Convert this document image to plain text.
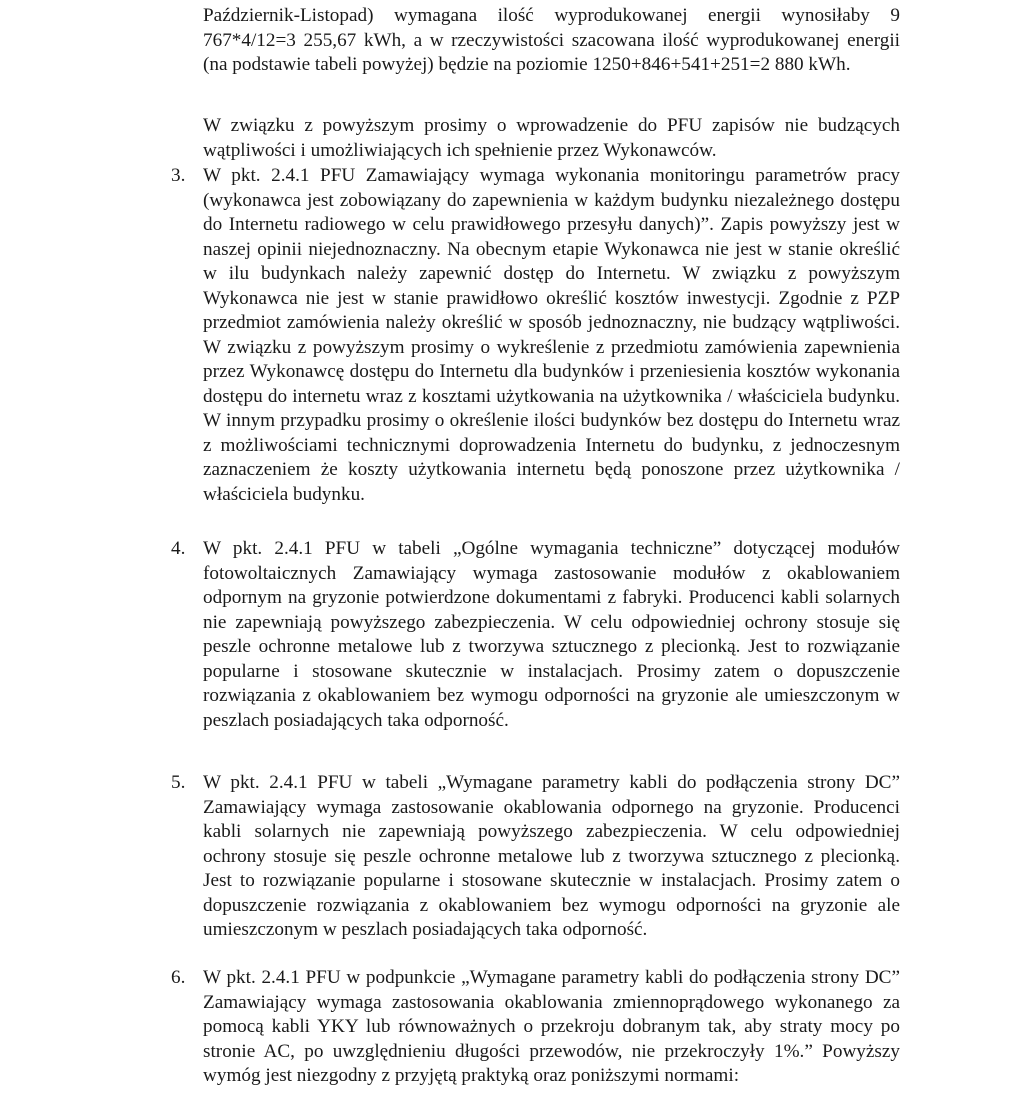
Październik-Listopad) wymagana ilość wyprodukowanej energii wynosiłaby 9 767*4/12=3 255,67 kWh, a w rzeczywistości szacowana ilość wyprodukowanej energii (na podstawie tabeli powyżej) będzie na poziomie 1250+846+541+251=2 880 kWh.

W związku z powyższym prosimy o wprowadzenie do PFU zapisów nie budzących wątpliwości i umożliwiających ich spełnienie przez Wykonawców.

3. W pkt. 2.4.1 PFU Zamawiający wymaga wykonania monitoringu parametrów pracy (wykonawca jest zobowiązany do zapewnienia w każdym budynku niezależnego dostępu do Internetu radiowego w celu prawidłowego przesyłu danych)”. Zapis powyższy jest w naszej opinii niejednoznaczny. Na obecnym etapie Wykonawca nie jest w stanie określić w ilu budynkach należy zapewnić dostęp do Internetu. W związku z powyższym Wykonawca nie jest w stanie prawidłowo określić kosztów inwestycji. Zgodnie z PZP przedmiot zamówienia należy określić w sposób jednoznaczny, nie budzący wątpliwości. W związku z powyższym prosimy o wykreślenie z przedmiotu zamówienia zapewnienia przez Wykonawcę dostępu do Internetu dla budynków i przeniesienia kosztów wykonania dostępu do internetu wraz z kosztami użytkowania na użytkownika / właściciela budynku. W innym przypadku prosimy o określenie ilości budynków bez dostępu do Internetu wraz z możliwościami technicznymi doprowadzenia Internetu do budynku, z jednoczesnym zaznaczeniem że koszty użytkowania internetu będą ponoszone przez użytkownika / właściciela budynku.

4. W pkt. 2.4.1 PFU w tabeli „Ogólne wymagania techniczne” dotyczącej modułów fotowoltaicznych Zamawiający wymaga zastosowanie modułów z okablowaniem odpornym na gryzonie potwierdzone dokumentami z fabryki. Producenci kabli solarnych nie zapewniają powyższego zabezpieczenia. W celu odpowiedniej ochrony stosuje się peszle ochronne metalowe lub z tworzywa sztucznego z plecionką. Jest to rozwiązanie popularne i stosowane skutecznie w instalacjach. Prosimy zatem o dopuszczenie rozwiązania z okablowaniem bez wymogu odporności na gryzonie ale umieszczonym w peszlach posiadających taka odporność.

5. W pkt. 2.4.1 PFU w tabeli „Wymagane parametry kabli do podłączenia strony DC” Zamawiający wymaga zastosowanie okablowania odpornego na gryzonie. Producenci kabli solarnych nie zapewniają powyższego zabezpieczenia. W celu odpowiedniej ochrony stosuje się peszle ochronne metalowe lub z tworzywa sztucznego z plecionką. Jest to rozwiązanie popularne i stosowane skutecznie w instalacjach. Prosimy zatem o dopuszczenie rozwiązania z okablowaniem bez wymogu odporności na gryzonie ale umieszczonym w peszlach posiadających taka odporność.

6. W pkt. 2.4.1 PFU w podpunkcie „Wymagane parametry kabli do podłączenia strony DC” Zamawiający wymaga zastosowania okablowania zmiennoprądowego wykonanego za pomocą kabli YKY lub równoważnych o przekroju dobranym tak, aby straty mocy po stronie AC, po uwzględnieniu długości przewodów, nie przekroczyły 1%.” Powyższy wymóg jest niezgodny z przyjętą praktyką oraz poniższymi normami:
